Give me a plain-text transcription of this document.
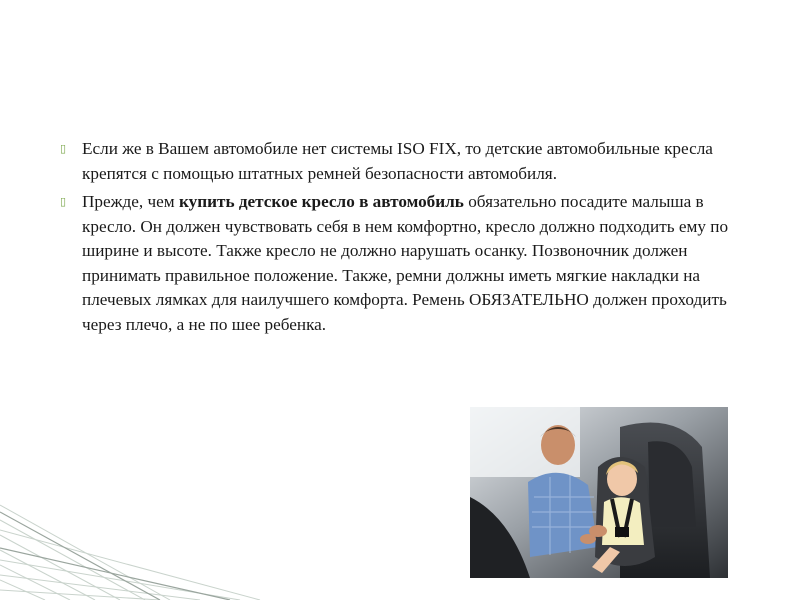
▯ Если же в Вашем автомобиле нет системы ISO FIX, то детские автомобильные кресла крепятся с помощью штатных ремней безопасности автомобиля.

▯ Прежде, чем купить детское кресло в автомобиль обязательно посадите малыша в кресло. Он должен чувствовать себя в нем комфортно, кресло должно подходить ему по ширине и высоте. Также кресло не должно нарушать осанку. Позвоночник должен принимать правильное положение. Также, ремни должны иметь мягкие накладки на плечевых лямках для наилучшего комфорта. Ремень ОБЯЗАТЕЛЬНО должен проходить через плечо, а не по шее ребенка.
